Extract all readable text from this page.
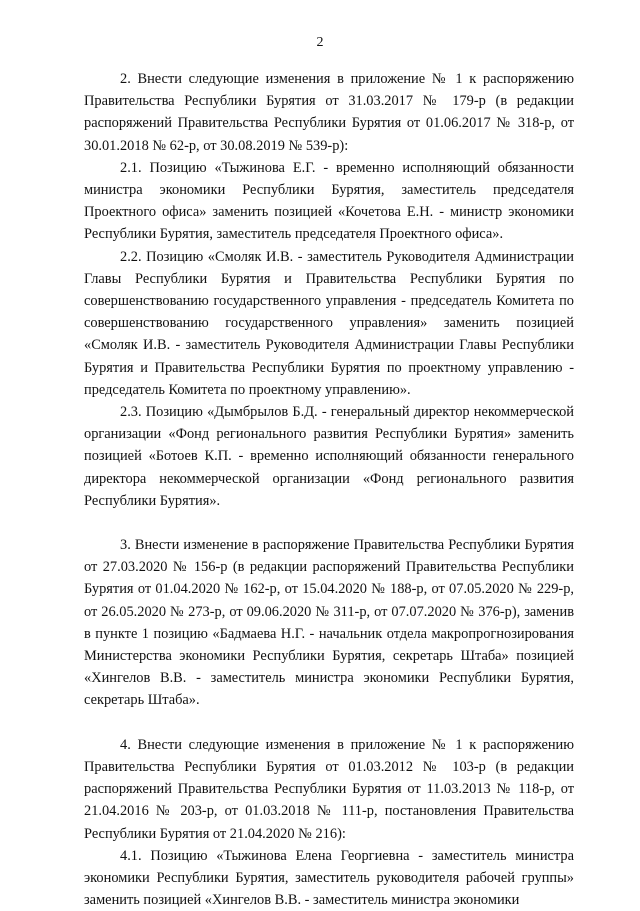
2

2. Внести следующие изменения в приложение № 1 к распоряжению Правительства Республики Бурятия от 31.03.2017 № 179-р (в редакции распоряжений Правительства Республики Бурятия от 01.06.2017 № 318-р, от 30.01.2018 № 62-р, от 30.08.2019 № 539-р):

2.1. Позицию «Тыжинова Е.Г. - временно исполняющий обязанности министра экономики Республики Бурятия, заместитель председателя Проектного офиса» заменить позицией «Кочетова Е.Н. - министр экономики Республики Бурятия, заместитель председателя Проектного офиса».

2.2. Позицию «Смоляк И.В. - заместитель Руководителя Администрации Главы Республики Бурятия и Правительства Республики Бурятия по совершенствованию государственного управления - председатель Комитета по совершенствованию государственного управления» заменить позицией «Смоляк И.В. - заместитель Руководителя Администрации Главы Республики Бурятия и Правительства Республики Бурятия по проектному управлению - председатель Комитета по проектному управлению».

2.3. Позицию «Дымбрылов Б.Д. - генеральный директор некоммерческой организации «Фонд регионального развития Республики Бурятия» заменить позицией «Ботоев К.П. - временно исполняющий обязанности генерального директора некоммерческой организации «Фонд регионального развития Республики Бурятия».

3. Внести изменение в распоряжение Правительства Республики Бурятия от 27.03.2020 № 156-р (в редакции распоряжений Правительства Республики Бурятия от 01.04.2020 № 162-р, от 15.04.2020 № 188-р, от 07.05.2020 № 229-р, от 26.05.2020 № 273-р, от 09.06.2020 № 311-р, от 07.07.2020 № 376-р), заменив в пункте 1 позицию «Бадмаева Н.Г. - начальник отдела макропрогнозирования Министерства экономики Республики Бурятия, секретарь Штаба» позицией «Хингелов В.В. - заместитель министра экономики Республики Бурятия, секретарь Штаба».

4. Внести следующие изменения в приложение № 1 к распоряжению Правительства Республики Бурятия от 01.03.2012 № 103-р (в редакции распоряжений Правительства Республики Бурятия от 11.03.2013 № 118-р, от 21.04.2016 № 203-р, от 01.03.2018 № 111-р, постановления Правительства Республики Бурятия от 21.04.2020 № 216):

4.1. Позицию «Тыжинова Елена Георгиевна - заместитель министра экономики Республики Бурятия, заместитель руководителя рабочей группы» заменить позицией «Хингелов В.В. - заместитель министра экономики
